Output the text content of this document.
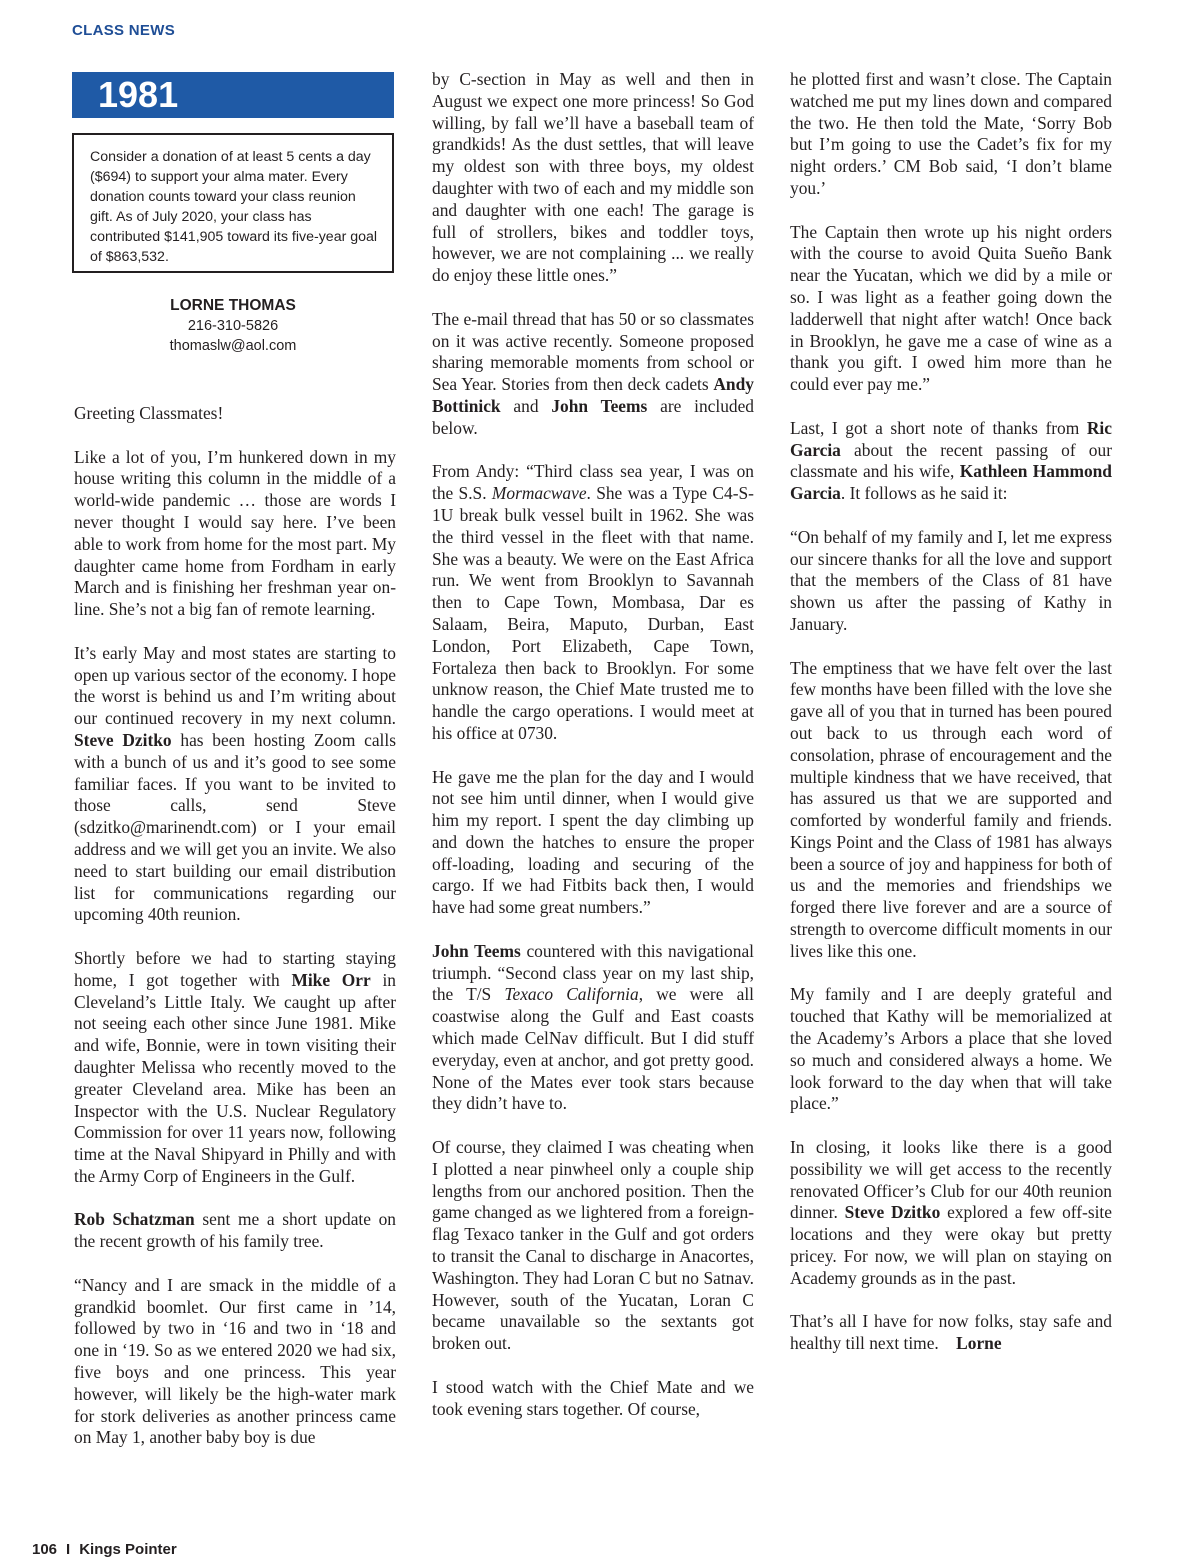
CLASS NEWS
1981
Consider a donation of at least 5 cents a day ($694) to support your alma mater. Every donation counts toward your class reunion gift. As of July 2020, your class has contributed $141,905 toward its five-year goal of $863,532.
LORNE THOMAS
216-310-5826
thomaslw@aol.com

Greeting Classmates!

Like a lot of you, I’m hunkered down in my house writing this column in the middle of a world-wide pandemic … those are words I never thought I would say here. I’ve been able to work from home for the most part. My daughter came home from Fordham in early March and is finishing her freshman year on-line. She’s not a big fan of remote learning.

It’s early May and most states are starting to open up various sector of the economy. I hope the worst is behind us and I’m writing about our continued recovery in my next column. Steve Dzitko has been hosting Zoom calls with a bunch of us and it’s good to see some familiar faces. If you want to be invited to those calls, send Steve (sdzitko@marinendt.com) or I your email address and we will get you an invite. We also need to start building our email distribution list for communications regarding our upcoming 40th reunion.

Shortly before we had to starting staying home, I got together with Mike Orr in Cleveland’s Little Italy. We caught up after not seeing each other since June 1981. Mike and wife, Bonnie, were in town visiting their daughter Melissa who recently moved to the greater Cleveland area. Mike has been an Inspector with the U.S. Nuclear Regulatory Commission for over 11 years now, following time at the Naval Shipyard in Philly and with the Army Corp of Engineers in the Gulf.

Rob Schatzman sent me a short update on the recent growth of his family tree.

“Nancy and I are smack in the middle of a grandkid boomlet. Our first came in ’14, followed by two in ‘16 and two in ‘18 and one in ‘19. So as we entered 2020 we had six, five boys and one princess. This year however, will likely be the high-water mark for stork deliveries as another princess came on May 1, another baby boy is due

by C-section in May as well and then in August we expect one more princess! So God willing, by fall we’ll have a baseball team of grandkids! As the dust settles, that will leave my oldest son with three boys, my oldest daughter with two of each and my middle son and daughter with one each! The garage is full of strollers, bikes and toddler toys, however, we are not complaining ... we really do enjoy these little ones.”

The e-mail thread that has 50 or so classmates on it was active recently. Someone proposed sharing memorable moments from school or Sea Year. Stories from then deck cadets Andy Bottinick and John Teems are included below.

From Andy: “Third class sea year, I was on the S.S. Mormacwave. She was a Type C4-S-1U break bulk vessel built in 1962. She was the third vessel in the fleet with that name. She was a beauty. We were on the East Africa run. We went from Brooklyn to Savannah then to Cape Town, Mombasa, Dar es Salaam, Beira, Maputo, Durban, East London, Port Elizabeth, Cape Town, Fortaleza then back to Brooklyn. For some unknow reason, the Chief Mate trusted me to handle the cargo operations. I would meet at his office at 0730.

He gave me the plan for the day and I would not see him until dinner, when I would give him my report. I spent the day climbing up and down the hatches to ensure the proper off-loading, loading and securing of the cargo. If we had Fitbits back then, I would have had some great numbers.”

John Teems countered with this navigational triumph. “Second class year on my last ship, the T/S Texaco California, we were all coastwise along the Gulf and East coasts which made CelNav difficult. But I did stuff everyday, even at anchor, and got pretty good. None of the Mates ever took stars because they didn’t have to.

Of course, they claimed I was cheating when I plotted a near pinwheel only a couple ship lengths from our anchored position. Then the game changed as we lightered from a foreign-flag Texaco tanker in the Gulf and got orders to transit the Canal to discharge in Anacortes, Washington. They had Loran C but no Satnav. However, south of the Yucatan, Loran C became unavailable so the sextants got broken out.

I stood watch with the Chief Mate and we took evening stars together. Of course,

he plotted first and wasn’t close. The Captain watched me put my lines down and compared the two. He then told the Mate, ‘Sorry Bob but I’m going to use the Cadet’s fix for my night orders.’ CM Bob said, ‘I don’t blame you.’

The Captain then wrote up his night orders with the course to avoid Quita Sueño Bank near the Yucatan, which we did by a mile or so. I was light as a feather going down the ladderwell that night after watch! Once back in Brooklyn, he gave me a case of wine as a thank you gift. I owed him more than he could ever pay me.”

Last, I got a short note of thanks from Ric Garcia about the recent passing of our classmate and his wife, Kathleen Hammond Garcia. It follows as he said it:

“On behalf of my family and I, let me express our sincere thanks for all the love and support that the members of the Class of 81 have shown us after the passing of Kathy in January.

The emptiness that we have felt over the last few months have been filled with the love she gave all of you that in turned has been poured out back to us through each word of consolation, phrase of encouragement and the multiple kindness that we have received, that has assured us that we are supported and comforted by wonderful family and friends. Kings Point and the Class of 1981 has always been a source of joy and happiness for both of us and the memories and friendships we forged there live forever and are a source of strength to overcome difficult moments in our lives like this one.

My family and I are deeply grateful and touched that Kathy will be memorialized at the Academy’s Arbors a place that she loved so much and considered always a home. We look forward to the day when that will take place.”

In closing, it looks like there is a good possibility we will get access to the recently renovated Officer’s Club for our 40th reunion dinner. Steve Dzitko explored a few off-site locations and they were okay but pretty pricey. For now, we will plan on staying on Academy grounds as in the past.

That’s all I have for now folks, stay safe and healthy till next time. Lorne

106 I Kings Pointer
